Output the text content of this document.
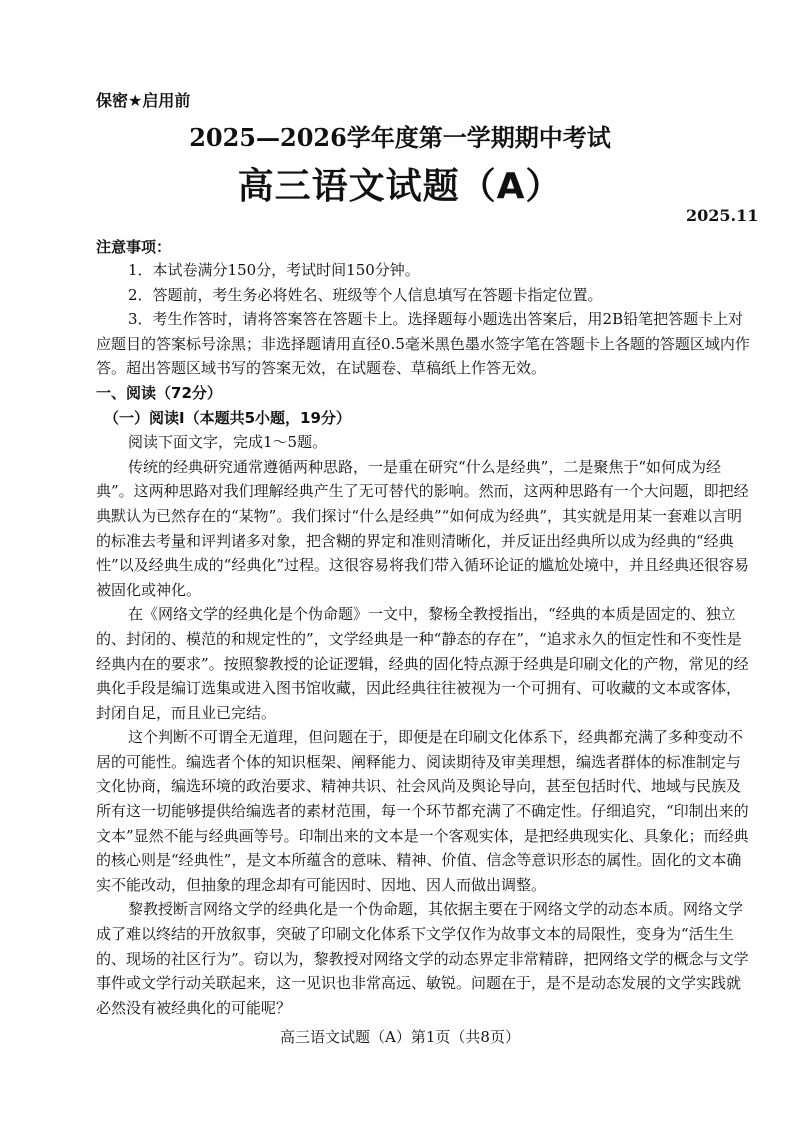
保密★启用前
2025—2026学年度第一学期期中考试
高三语文试题（A）
2025.11
注意事项：

1．本试卷满分150分，考试时间150分钟。

2．答题前，考生务必将姓名、班级等个人信息填写在答题卡指定位置。

3．考生作答时，请将答案答在答题卡上。选择题每小题选出答案后，用2B铅笔把答题卡上对应题目的答案标号涂黑；非选择题请用直径0.5毫米黑色墨水签字笔在答题卡上各题的答题区域内作答。超出答题区域书写的答案无效，在试题卷、草稿纸上作答无效。

一、阅读（72分）

（一）阅读I（本题共5小题，19分）

阅读下面文字，完成1～5题。

传统的经典研究通常遵循两种思路，一是重在研究“什么是经典”，二是聚焦于“如何成为经典”。这两种思路对我们理解经典产生了无可替代的影响。然而，这两种思路有一个大问题，即把经典默认为已然存在的“某物”。我们探讨“什么是经典”“如何成为经典”，其实就是用某一套难以言明的标准去考量和评判诸多对象，把含糊的界定和准则清晰化，并反证出经典所以成为经典的“经典性”以及经典生成的“经典化”过程。这很容易将我们带入循环论证的尴尬处境中，并且经典还很容易被固化或神化。

在《网络文学的经典化是个伪命题》一文中，黎杨全教授指出，“经典的本质是固定的、独立的、封闭的、模范的和规定性的”，文学经典是一种“静态的存在”，“追求永久的恒定性和不变性是经典内在的要求”。按照黎教授的论证逻辑，经典的固化特点源于经典是印刷文化的产物，常见的经典化手段是编订选集或进入图书馆收藏，因此经典往往被视为一个可拥有、可收藏的文本或客体，封闭自足，而且业已完结。

这个判断不可谓全无道理，但问题在于，即便是在印刷文化体系下，经典都充满了多种变动不居的可能性。编选者个体的知识框架、阐释能力、阅读期待及审美理想，编选者群体的标准制定与文化协商，编选环境的政治要求、精神共识、社会风尚及舆论导向，甚至包括时代、地域与民族及所有这一切能够提供给编选者的素材范围，每一个环节都充满了不确定性。仔细追究，“印制出来的文本”显然不能与经典画等号。印制出来的文本是一个客观实体，是把经典现实化、具象化；而经典的核心则是“经典性”，是文本所蕴含的意味、精神、价值、信念等意识形态的属性。固化的文本确实不能改动，但抽象的理念却有可能因时、因地、因人而做出调整。

黎教授断言网络文学的经典化是一个伪命题，其依据主要在于网络文学的动态本质。网络文学成了难以终结的开放叙事，突破了印刷文化体系下文学仅作为故事文本的局限性，变身为“活生生的、现场的社区行为”。窃以为，黎教授对网络文学的动态界定非常精辟，把网络文学的概念与文学事件或文学行动关联起来，这一见识也非常高远、敏锐。问题在于，是不是动态发展的文学实践就必然没有被经典化的可能呢？

高三语文试题（A）第1页（共8页）
